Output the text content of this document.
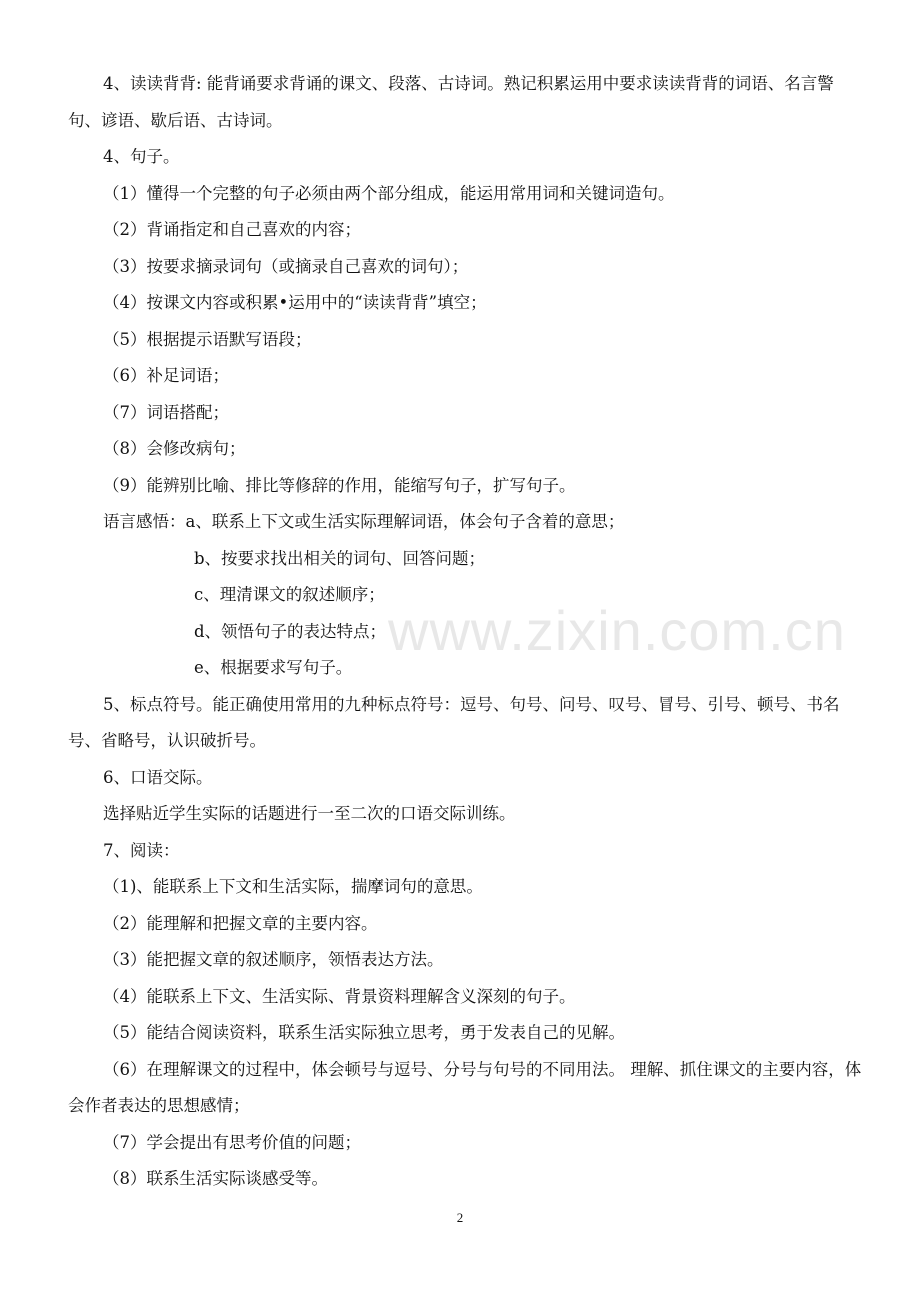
4、读读背背: 能背诵要求背诵的课文、段落、古诗词。熟记积累运用中要求读读背背的词语、名言警句、谚语、歇后语、古诗词。

4、句子。

（1）懂得一个完整的句子必须由两个部分组成，能运用常用词和关键词造句。

（2）背诵指定和自己喜欢的内容；

（3）按要求摘录词句（或摘录自己喜欢的词句）；

（4）按课文内容或积累•运用中的“读读背背”填空；

（5）根据提示语默写语段；

（6）补足词语；

（7）词语搭配；

（8）会修改病句；

（9）能辨别比喻、排比等修辞的作用，能缩写句子，扩写句子。

语言感悟：a、联系上下文或生活实际理解词语，体会句子含着的意思；

b、按要求找出相关的词句、回答问题；

c、理清课文的叙述顺序；

d、领悟句子的表达特点；

e、根据要求写句子。

5、标点符号。能正确使用常用的九种标点符号：逗号、句号、问号、叹号、冒号、引号、顿号、书名号、省略号，认识破折号。

6、口语交际。

选择贴近学生实际的话题进行一至二次的口语交际训练。

7、阅读：

（1)、能联系上下文和生活实际，揣摩词句的意思。

（2）能理解和把握文章的主要内容。

（3）能把握文章的叙述顺序，领悟表达方法。

（4）能联系上下文、生活实际、背景资料理解含义深刻的句子。

（5）能结合阅读资料，联系生活实际独立思考，勇于发表自己的见解。

（6）在理解课文的过程中，体会顿号与逗号、分号与句号的不同用法。 理解、抓住课文的主要内容，体会作者表达的思想感情；

（7）学会提出有思考价值的问题；

（8）联系生活实际谈感受等。

www.zixin.com.cn
2
